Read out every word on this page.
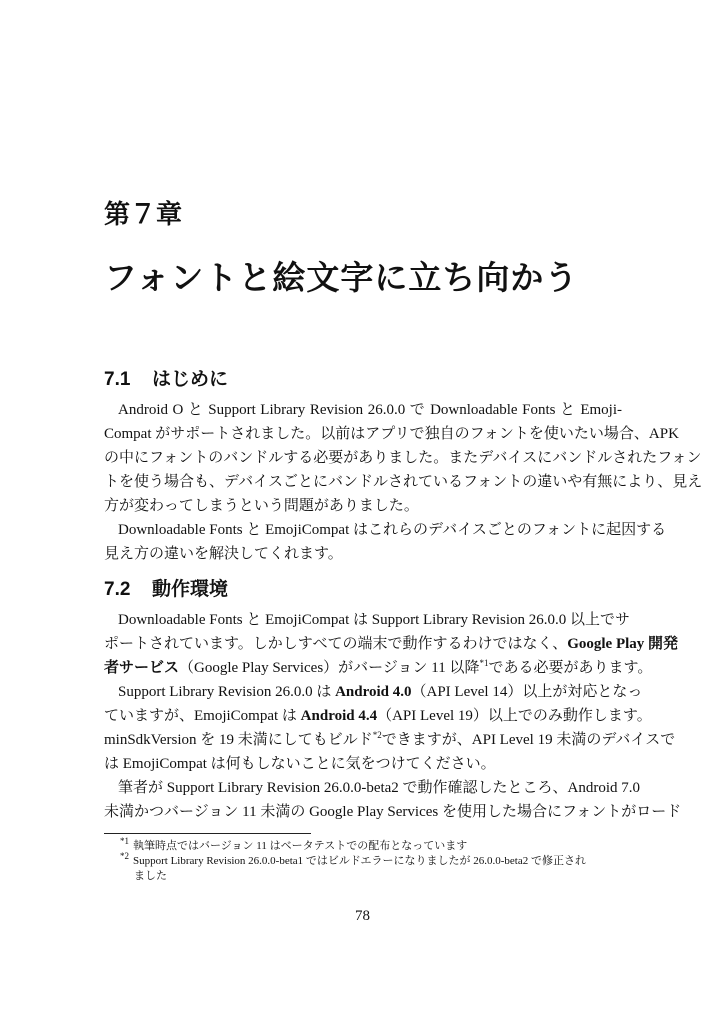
第７章
フォントと絵文字に立ち向かう
7.1 はじめに
7.2 動作環境
Android O と Support Library Revision 26.0.0 で Downloadable Fonts と Emoji-
Compat がサポートされました。以前はアプリで独自のフォントを使いたい場合、APK
の中にフォントのバンドルする必要がありました。またデバイスにバンドルされたフォン
トを使う場合も、デバイスごとにバンドルされているフォントの違いや有無により、見え
方が変わってしまうという問題がありました。
Downloadable Fonts と EmojiCompat はこれらのデバイスごとのフォントに起因する
見え方の違いを解決してくれます。
Downloadable Fonts と EmojiCompat は Support Library Revision 26.0.0 以上でサ
ポートされています。しかしすべての端末で動作するわけではなく、Google Play 開発
者サービス（Google Play Services）がバージョン 11 以降$^{*1}$である必要があります。
Support Library Revision 26.0.0 は Android 4.0（API Level 14）以上が対応となっ
ていますが、EmojiCompat は Android 4.4（API Level 19）以上でのみ動作します。
minSdkVersion を 19 未満にしてもビルド$^{*2}$できますが、API Level 19 未満のデバイスで
は EmojiCompat は何もしないことに気をつけてください。
筆者が Support Library Revision 26.0.0-beta2 で動作確認したところ、Android 7.0
未満かつバージョン 11 未満の Google Play Services を使用した場合にフォントがロード
$^{*1}$ 執筆時点ではバージョン 11 はベータテストでの配布となっています
$^{*2}$ Support Library Revision 26.0.0-beta1 ではビルドエラーになりましたが 26.0.0-beta2 で修正され
ました
78
